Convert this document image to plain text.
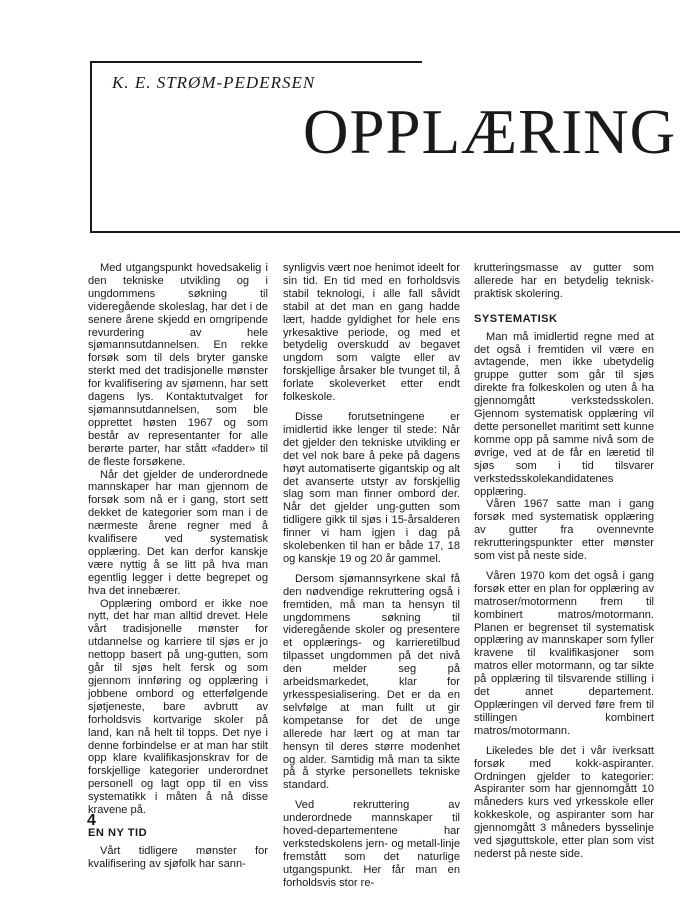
K. E. STRØM-PEDERSEN
OPPLÆRING

Med utgangspunkt hovedsakelig i den tekniske utvikling og i ungdommens søkning til videregående skoleslag, har det i de senere årene skjedd en omgripende revurdering av hele sjømannsutdannelsen. En rekke forsøk som til dels bryter ganske sterkt med det tradisjonelle mønster for kvalifisering av sjømenn, har sett dagens lys. Kontaktutvalget for sjømannsutdannelsen, som ble opprettet høsten 1967 og som består av representanter for alle berørte parter, har stått «fadder» til de fleste forsøkene.

Når det gjelder de underordnede mannskaper har man gjennom de forsøk som nå er i gang, stort sett dekket de kategorier som man i de nærmeste årene regner med å kvalifisere ved systematisk opplæring. Det kan derfor kanskje være nyttig å se litt på hva man egentlig legger i dette begrepet og hva det innebærer.

Opplæring ombord er ikke noe nytt, det har man alltid drevet. Hele vårt tradisjonelle mønster for utdannelse og karriere til sjøs er jo nettopp basert på ung-gutten, som går til sjøs helt fersk og som gjennom innføring og opplæring i jobbene ombord og etterfølgende sjøtjeneste, bare avbrutt av forholdsvis kortvarige skoler på land, kan nå helt til topps. Det nye i denne forbindelse er at man har stilt opp klare kvalifikasjonskrav for de forskjellige kategorier underordnet personell og lagt opp til en viss systematikk i måten å nå disse kravene på.

EN NY TID

Vårt tidligere mønster for kvalifisering av sjøfolk har sann-

synligvis vært noe henimot ideelt for sin tid. En tid med en forholdsvis stabil teknologi, i alle fall såvidt stabil at det man en gang hadde lært, hadde gyldighet for hele ens yrkesaktive periode, og med et betydelig overskudd av begavet ungdom som valgte eller av forskjellige årsaker ble tvunget til, å forlate skoleverket etter endt folkeskole.

Disse forutsetningene er imidlertid ikke lenger til stede: Når det gjelder den tekniske utvikling er det vel nok bare å peke på dagens høyt automatiserte gigantskip og alt det avanserte utstyr av forskjellig slag som man finner ombord der. Når det gjelder ung-gutten som tidligere gikk til sjøs i 15-årsalderen finner vi ham igjen i dag på skolebenken til han er både 17, 18 og kanskje 19 og 20 år gammel.

Dersom sjømannsyrkene skal få den nødvendige rekruttering også i fremtiden, må man ta hensyn til ungdommens søkning til videregående skoler og presentere et opplærings- og karrieretilbud tilpasset ungdommen på det nivå den melder seg på arbeidsmarkedet, klar for yrkesspesialisering. Det er da en selvfølge at man fullt ut gir kompetanse for det de unge allerede har lært og at man tar hensyn til deres større modenhet og alder. Samtidig må man ta sikte på å styrke personellets tekniske standard.

Ved rekruttering av underordnede mannskaper til hoved-departementene har verkstedskolens jern- og metall-linje fremstått som det naturlige utgangspunkt. Her får man en forholdsvis stor re-

krutteringsmasse av gutter som allerede har en betydelig teknisk-praktisk skolering.

SYSTEMATISK

Man må imidlertid regne med at det også i fremtiden vil være en avtagende, men ikke ubetydelig gruppe gutter som går til sjøs direkte fra folkeskolen og uten å ha gjennomgått verkstedsskolen. Gjennom systematisk opplæring vil dette personellet maritimt sett kunne komme opp på samme nivå som de øvrige, ved at de får en læretid til sjøs som i tid tilsvarer verkstedsskolekandidatenes opplæring.

Våren 1967 satte man i gang forsøk med systematisk opplæring av gutter fra ovennevnte rekrutteringspunkter etter mønster som vist på neste side.

Våren 1970 kom det også i gang forsøk etter en plan for opplæring av matroser/motormenn frem til kombinert matros/motormann. Planen er begrenset til systematisk opplæring av mannskaper som fyller kravene til kvalifikasjoner som matros eller motormann, og tar sikte på opplæring til tilsvarende stilling i det annet departement. Opplæringen vil derved føre frem til stillingen kombinert matros/motormann.

Likeledes ble det i vår iverksatt forsøk med kokk-aspiranter. Ordningen gjelder to kategorier: Aspiranter som har gjennomgått 10 måneders kurs ved yrkesskole eller kokkeskole, og aspiranter som har gjennomgått 3 måneders bysselinje ved sjøguttskole, etter plan som vist nederst på neste side.

4
